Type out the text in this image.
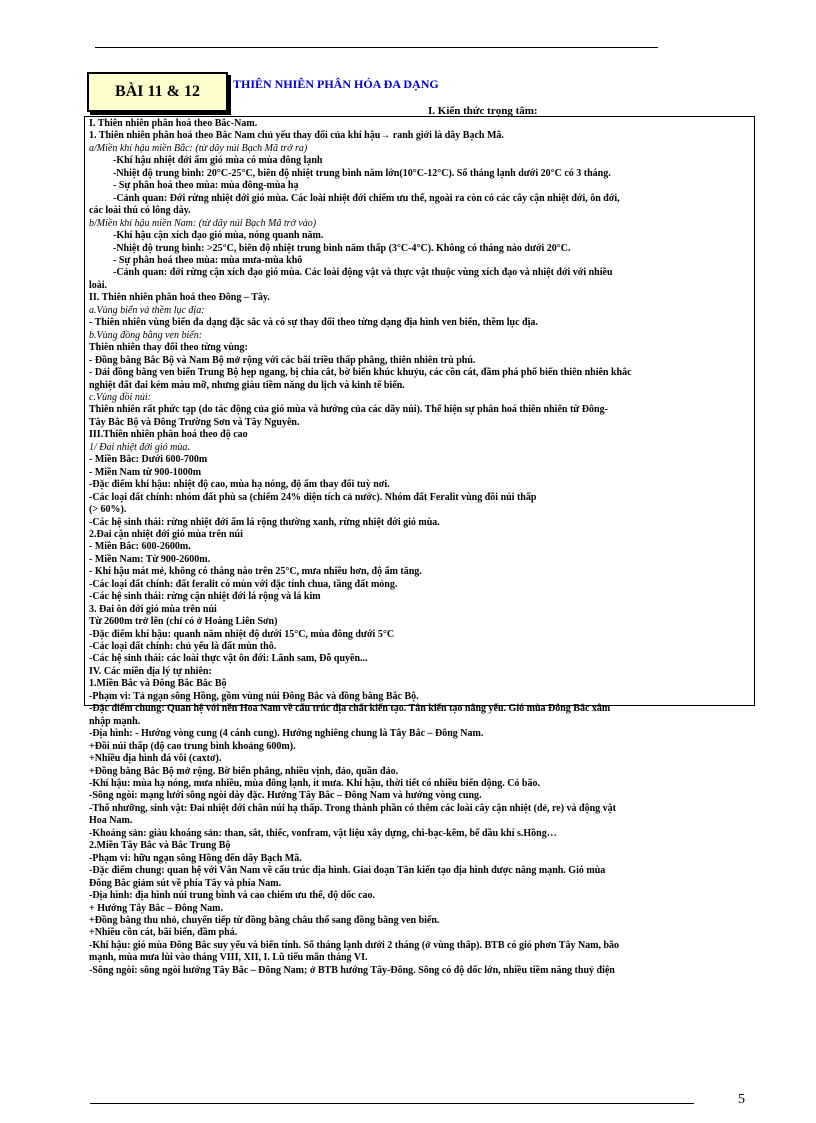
BÀI 11 & 12	THIÊN NHIÊN PHÂN HÓA ĐA DẠNG
I. Kiến thức trọng tâm:
I. Thiên nhiên phân hoá theo Bắc-Nam.
1. Thiên nhiên phân hoá theo Bắc Nam chủ yếu thay đổi của khí hậu→ ranh giới là dãy Bạch Mã.
a/Miền khí hậu miền Bắc: (từ dãy núi Bạch Mã trở ra)
-Khí hậu nhiệt đới ẩm gió mùa có mùa đông lạnh
-Nhiệt độ trung bình: 20°C-25°C, biên độ nhiệt trung bình năm lớn(10°C-12°C). Số tháng lạnh dưới 20°C có 3 tháng.
- Sự phân hoá theo mùa: mùa đông-mùa hạ
-Cảnh quan: Đới rừng nhiệt đới gió mùa. Các loài nhiệt đới chiếm ưu thế, ngoài ra còn có các cây cận nhiệt đới, ôn đới,
các loài thú có lông dày.
b/Miền khí hậu miền Nam: (từ dãy núi Bạch Mã trở vào)
-Khí hậu cận xích đạo gió mùa, nóng quanh năm.
-Nhiệt độ trung bình: >25°C, biên độ nhiệt trung bình năm thấp (3°C-4°C). Không có tháng nào dưới 20°C.
- Sự phân hoá theo mùa: mùa mưa-mùa khô
-Cảnh quan: đới rừng cận xích đạo gió mùa. Các loài động vật và thực vật thuộc vùng xích đạo và nhiệt đới với nhiều
loài.
II. Thiên nhiên phân hoá theo Đông – Tây.
a.Vùng biển và thềm lục địa:
- Thiên nhiên vùng biển đa dạng đặc sắc và có sự thay đổi theo từng dạng địa hình ven biển, thềm lục địa.
b.Vùng đồng bằng ven biển:
Thiên nhiên thay đổi theo từng vùng:
- Đồng bằng Bắc Bộ và Nam Bộ mở rộng với các bãi triều thấp phẳng, thiên nhiên trù phú.
- Dải đồng bằng ven biển Trung Bộ hẹp ngang, bị chia cắt, bờ biển khúc khuỷu, các cồn cát, đầm phá phổ biến thiên nhiên khắc
nghiệt đất đai kém màu mỡ, nhưng giàu tiềm năng du lịch và kinh tế biển.
c.Vùng đồi núi:
Thiên nhiên rất phức tạp (do tác động của gió mùa và hướng của các dãy núi). Thể hiện sự phân hoá thiên nhiên từ Đông-
Tây Bắc Bộ và Đông Trường Sơn và Tây Nguyên.
III.Thiên nhiên phân hoá theo độ cao
1/ Đai nhiệt đới gió mùa.
- Miền Bắc: Dưới 600-700m
- Miền Nam từ 900-1000m
-Đặc điểm khí hậu: nhiệt độ cao, mùa hạ nóng, độ ẩm thay đổi tuỳ nơi.
-Các loại đất chính: nhóm đất phù sa (chiếm 24% diện tích cả nước). Nhóm đất Feralit vùng đồi núi thấp
(> 60%).
-Các hệ sinh thái: rừng nhiệt đới ẩm lá rộng thường xanh, rừng nhiệt đới gió mùa.
2.Đai cận nhiệt đới gió mùa trên núi
- Miền Bắc: 600-2600m.
- Miền Nam: Từ 900-2600m.
- Khí hậu mát mẻ, không có tháng nào trên 25°C, mưa nhiều hơn, độ ẩm tăng.
-Các loại đất chính: đất feralit có mùn với đặc tính chua, tầng đất mỏng.
-Các hệ sinh thái: rừng cận nhiệt đới lá rộng và lá kim
3. Đai ôn đới gió mùa trên núi
Từ 2600m trở lên (chỉ có ở Hoàng Liên Sơn)
-Đặc điểm khí hậu: quanh năm nhiệt độ dưới 15°C, mùa đông dưới 5°C
-Các loại đất chính: chủ yếu là đất mùn thô.
-Các hệ sinh thái: các loài thực vật ôn đới: Lãnh sam, Đỗ quyên...
IV. Các miền địa lý tự nhiên:
1.Miền Bắc và Đông Bắc Bắc Bộ
-Phạm vi: Tả ngạn sông Hồng, gồm vùng núi Đông Bắc và đồng bằng Bắc Bộ.
-Đặc điểm chung: Quan hệ với nền Hoa Nam về cấu trúc địa chất kiến tạo. Tân kiến tạo nâng yếu. Gió mùa Đông Bắc xâm
nhập mạnh.
-Địa hình: - Hướng vòng cung (4 cánh cung). Hướng nghiêng chung là Tây Bắc – Đông Nam.
+Đồi núi thấp (độ cao trung bình khoảng 600m).
+Nhiều địa hình đá vôi (caxtơ).
+Đồng bằng Bắc Bộ mở rộng. Bờ biển phẳng, nhiều vịnh, đảo, quần đảo.
-Khí hậu: mùa hạ nóng, mưa nhiều, mùa đông lạnh, ít mưa. Khí hậu, thời tiết có nhiều biến động. Có bão.
-Sông ngòi: mạng lưới sông ngòi dày đặc. Hướng Tây Bắc – Đông Nam và hướng vòng cung.
-Thổ nhưỡng, sinh vật: Đai nhiệt đới chân núi hạ thấp. Trong thành phần có thêm các loài cây cận nhiệt (dẻ, re) và động vật
Hoa Nam.
-Khoáng sản: giàu khoáng sản: than, sắt, thiếc, vonfram, vật liệu xây dựng, chì-bạc-kẽm, bể dầu khí s.Hồng…
2.Miền Tây Bắc và Bắc Trung Bộ
-Phạm vi: hữu ngạn sông Hồng đến dãy Bạch Mã.
-Đặc điểm chung: quan hệ với Vân Nam về cấu trúc địa hình. Giai đoạn Tân kiến tạo địa hình được nâng mạnh. Gió mùa
Đông Bắc giảm sút về phía Tây và phía Nam.
-Địa hình: địa hình núi trung bình và cao chiếm ưu thế, độ dốc cao.
+ Hướng Tây Bắc – Đông Nam.
+Đồng bằng thu nhỏ, chuyển tiếp từ đồng bằng châu thổ sang đồng bằng ven biển.
+Nhiều cồn cát, bãi biển, đầm phá.
-Khí hậu: gió mùa Đông Bắc suy yếu và biến tính. Số tháng lạnh dưới 2 tháng (ở vùng thấp). BTB có gió phơn Tây Nam, bão
mạnh, mùa mưa lùi vào tháng VIII, XII, I. Lũ tiểu mãn tháng VI.
-Sông ngòi: sông ngòi hướng Tây Bắc – Đông Nam; ở BTB hướng Tây-Đông. Sông có độ dốc lớn, nhiều tiềm năng thuỷ điện
5
